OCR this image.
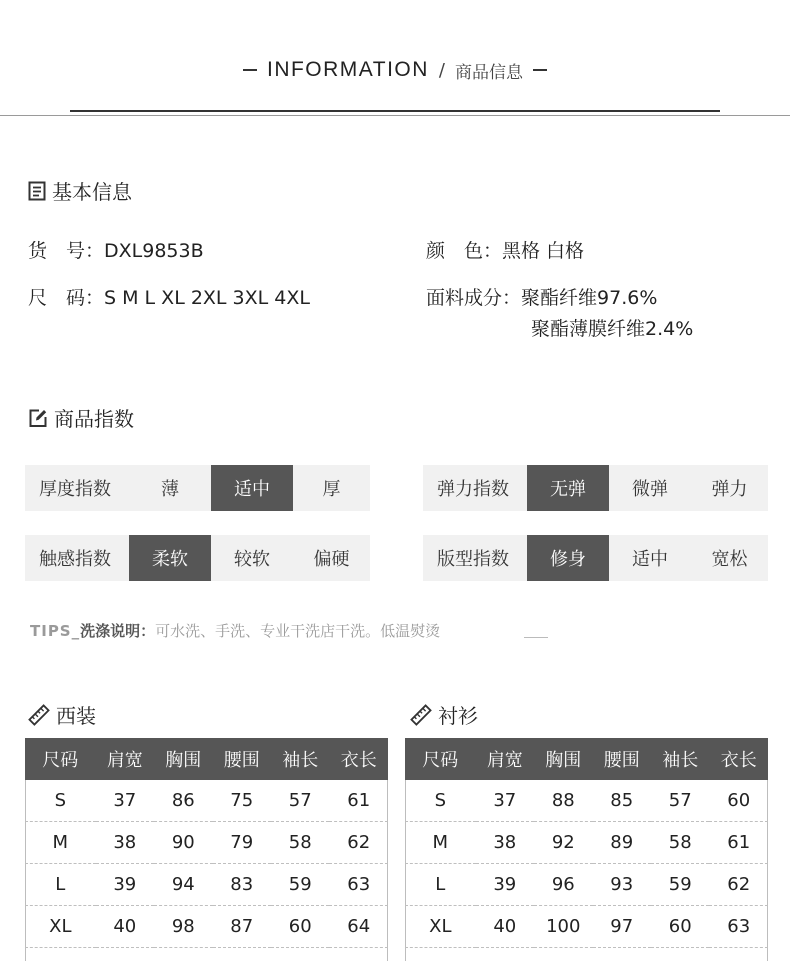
INFORMATION / 商品信息
基本信息
货　号：DXL9853B	颜　色：黑格 白格
尺　码：S M L XL 2XL 3XL 4XL	面料成分：聚酯纤维97.6%
聚酯薄膜纤维2.4%
商品指数
厚度指数	薄	适中	厚	弹力指数	无弹	微弹	弹力
触感指数	柔软	较软	偏硬	版型指数	修身	适中	宽松
TIPS_洗涤说明：可水洗、手洗、专业干洗店干洗。低温熨烫
西装	衬衫
尺码	肩宽	胸围	腰围	袖长	衣长
S	37	86	75	57	61
M	38	90	79	58	62
L	39	94	83	59	63
XL	40	98	87	60	64
尺码	肩宽	胸围	腰围	袖长	衣长
S	37	88	85	57	60
M	38	92	89	58	61
L	39	96	93	59	62
XL	40	100	97	60	63
